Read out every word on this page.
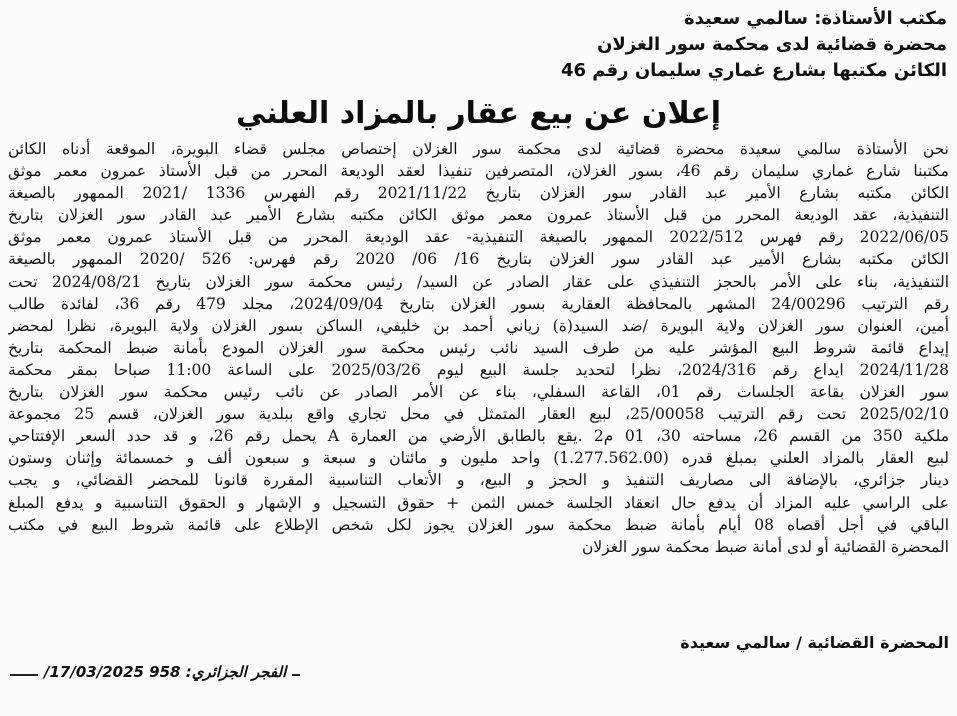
مكتب الأستاذة: سالمي سعيدة
محضرة قضائية لدى محكمة سور الغزلان
الكائن مكتبها بشارع غماري سليمان رقم 46
إعلان عن بيع عقار بالمزاد العلني
نحن الأستاذة سالمي سعيدة محضرة قضائية لدى محكمة سور الغزلان إختصاص مجلس قضاء البويرة، الموقعة أدناه الكائن
مكتبنا شارع غماري سليمان رقم 46، بسور الغزلان، المتصرفين تنفيذا لعقد الوديعة المحرر من قبل الأستاذ عمرون معمر موثق
الكائن مكتبه بشارع الأمير عبد القادر سور الغزلان بتاريخ 2021/11/22 رقم الفهرس 1336 /2021 الممهور بالصيغة
التنفيذية، عقد الوديعة المحرر من قبل الأستاذ عمرون معمر موثق الكائن مكتبه بشارع الأمير عبد القادر سور الغزلان بتاريخ
2022/06/05 رقم فهرس 2022/512 الممهور بالصيغة التنفيذية- عقد الوديعة المحرر من قبل الأستاذ عمرون معمر موثق
الكائن مكتبه بشارع الأمير عبد القادر سور الغزلان بتاريخ 16/ 06/ 2020 رقم فهرس: 526 /2020 الممهور بالصيغة
التنفيذية، بناء على الأمر بالحجز التنفيذي على عقار الصادر عن السيد/ رئيس محكمة سور الغزلان بتاريخ 2024/08/21 تحت
رقم الترتيب 24/00296 المشهر بالمحافظة العقارية بسور الغزلان بتاريخ 2024/09/04، مجلد 479 رقم 36، لفائدة طالب
أمين، العنوان سور الغزلان ولاية البويرة /ضد السيد(ة) زياني أحمد بن خليفي، الساكن بسور الغزلان ولاية البويرة، نظرا لمحضر
إيداع قائمة شروط البيع المؤشر عليه من طرف السيد نائب رئيس محكمة سور الغزلان المودع بأمانة ضبط المحكمة بتاريخ
2024/11/28 ايداع رقم 2024/316، نظرا لتحديد جلسة البيع ليوم 2025/03/26 على الساعة 11:00 صباحا بمقر محكمة
سور الغزلان بقاعة الجلسات رقم 01، القاعة السفلي، بناء عن الأمر الصادر عن نائب رئيس محكمة سور الغزلان بتاريخ
2025/02/10 تحت رقم الترتيب 25/00058، لبيع العقار المتمثل في محل تجاري واقع ببلدية سور الغزلان، قسم 25 مجموعة
ملكية 350 من القسم 26، مساحته 30، 01 م2 .يقع بالطابق الأرضي من العمارة A يحمل رقم 26، و قد حدد السعر الإفتتاحي
لبيع العقار بالمزاد العلني بمبلغ قدره (1.277.562.00) واحد مليون و مائتان و سبعة و سبعون ألف و خمسمائة وإثنان وستون
دينار جزائري، بالإضافة الى مصاريف التنفيذ و الحجز و البيع، و الأتعاب التناسبية المقررة قانونا للمحضر القضائي، و يجب
على الراسي عليه المزاد أن يدفع حال انعقاد الجلسة خمس الثمن + حقوق التسجيل و الإشهار و الحقوق التناسبية و يدفع المبلغ
الباقي في أجل أقصاه 08 أيام بأمانة ضبط محكمة سور الغزلان يجوز لكل شخص الإطلاع على قائمة شروط البيع في مكتب
المحضرة القضائية أو لدى أمانة ضبط محكمة سور الغزلان
المحضرة القضائية / سالمي سعيدة
الفجر الجزائري: 958 17/03/2025/
